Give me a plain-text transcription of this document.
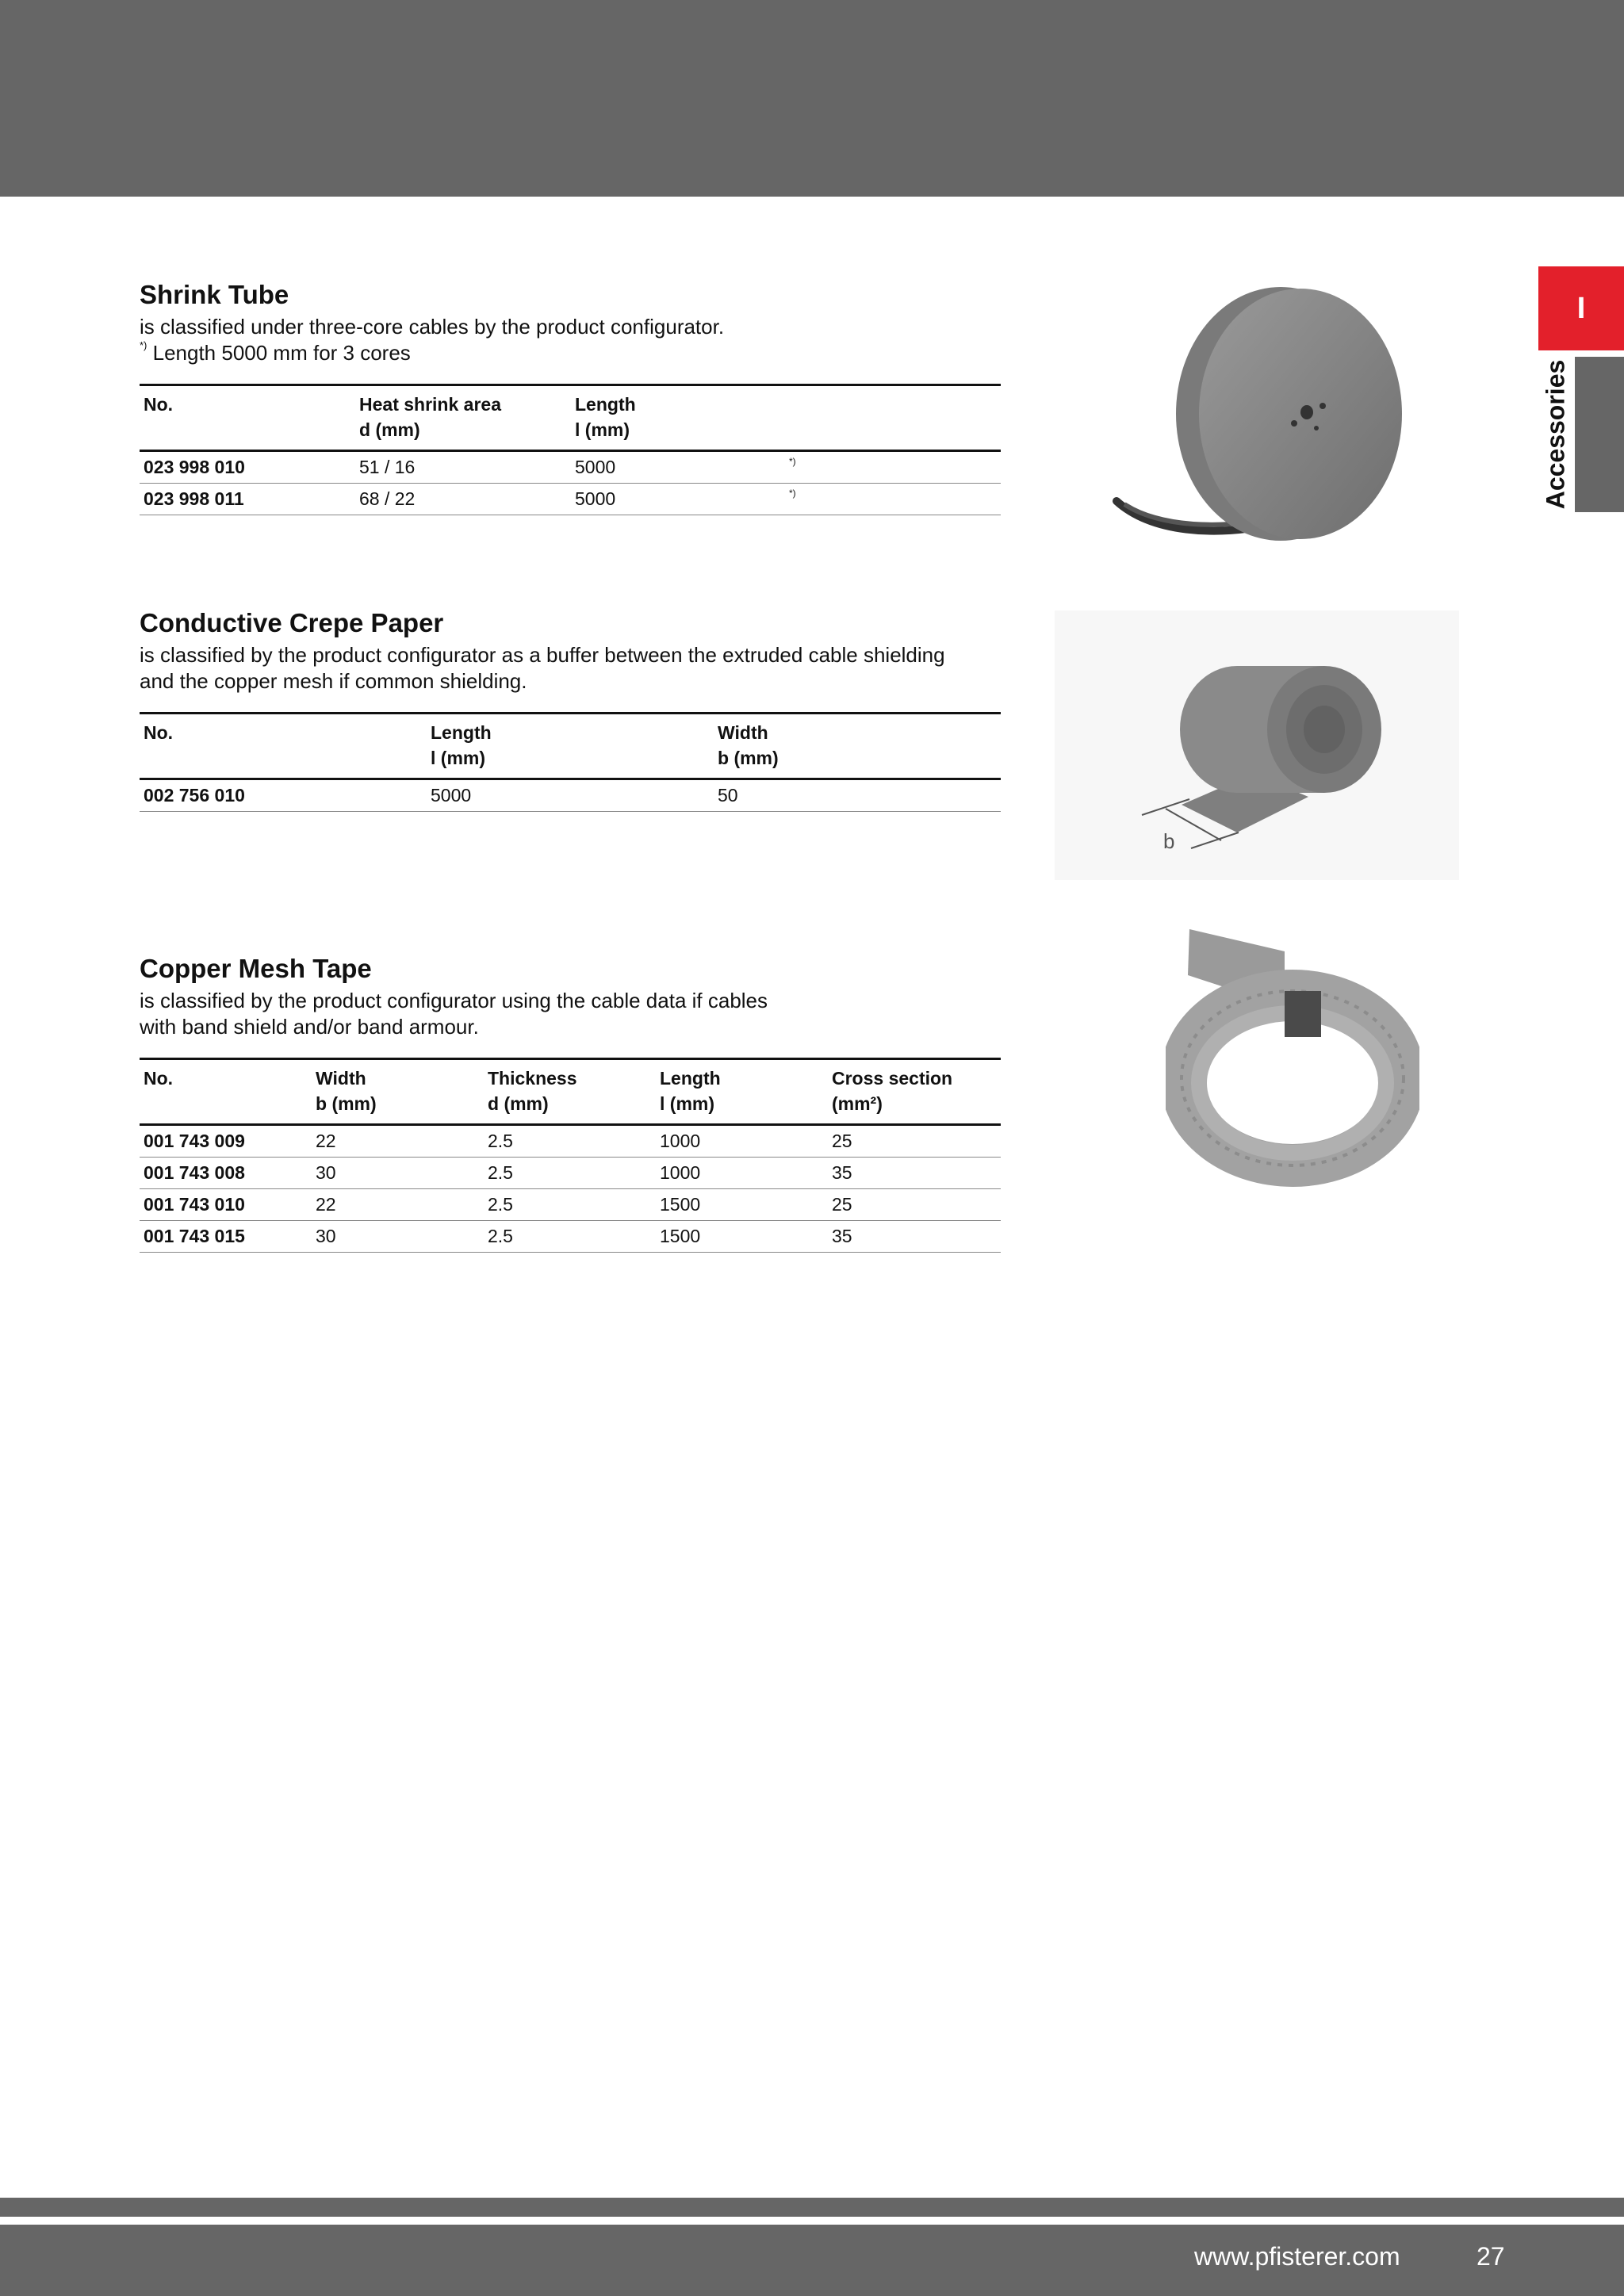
I
Accessories
Shrink Tube

is classified under three-core cables by the product configurator.

*) Length 5000 mm for 3 cores

No.	Heat shrink area	Length	
	d (mm)	l (mm)	
023 998 010	51 / 16	5000	*)
023 998 011	68 / 22	5000	*)
Conductive Crepe Paper

is classified by the product configurator as a buffer between the extruded cable shielding

and the copper mesh if common shielding.

No.	Length	Width
	l (mm)	b (mm)
002 756 010	5000	50
b
Copper Mesh Tape

is classified by the product configurator using the cable data if cables

with band shield and/or band armour.

No.	Width	Thickness	Length	Cross section
	b (mm)	d (mm)	l (mm)	(mm²)
001 743 009	22	2.5	1000	25
001 743 008	30	2.5	1000	35
001 743 010	22	2.5	1500	25
001 743 015	30	2.5	1500	35
www.pfisterer.com	27
